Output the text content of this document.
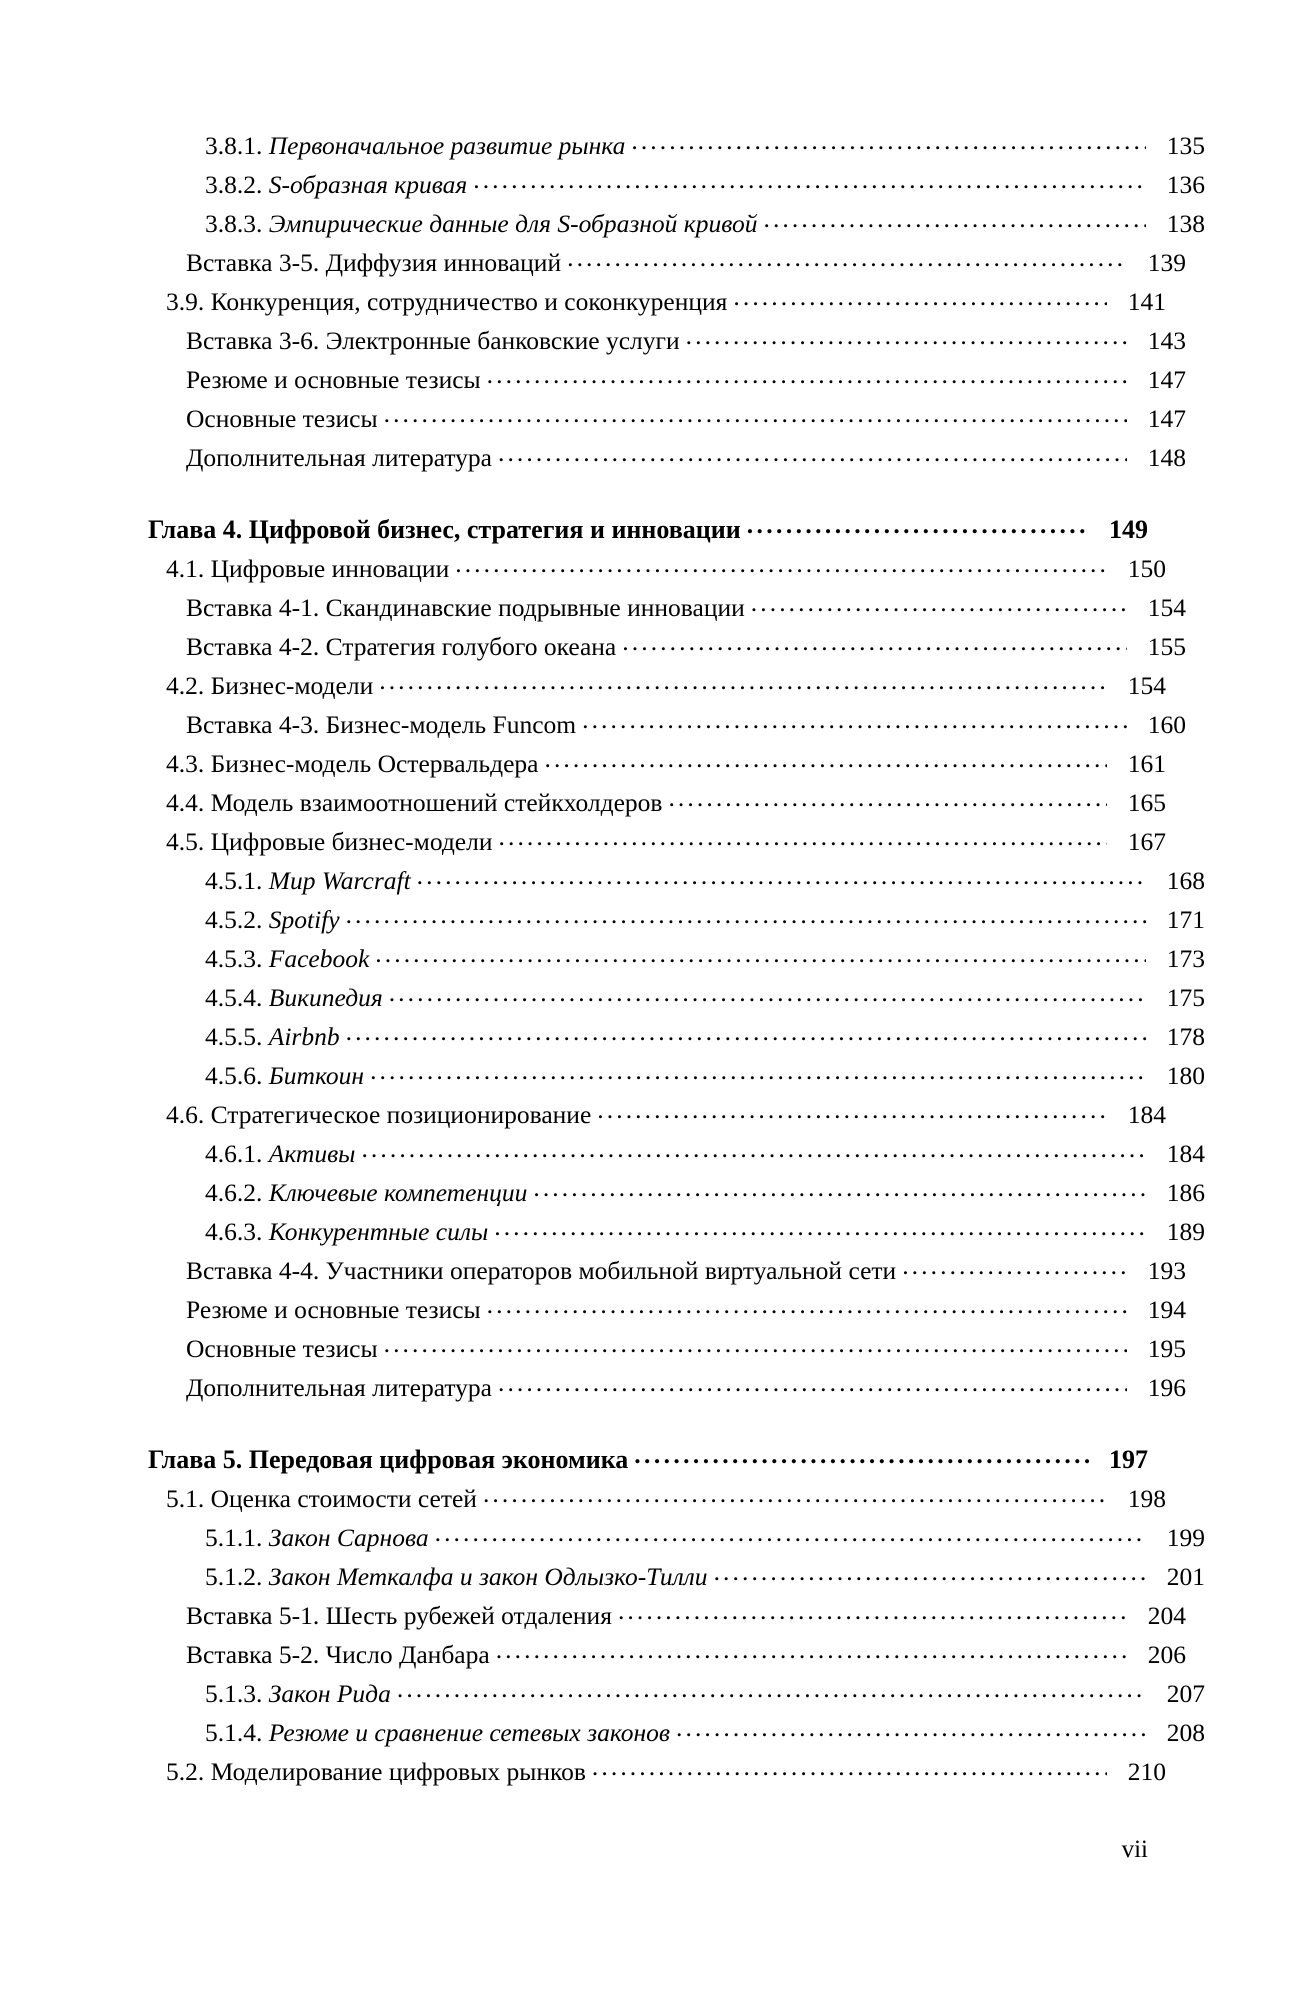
3.8.1. Первоначальное развитие рынка .....	135
3.8.2. S-образная кривая .....	136
3.8.3. Эмпирические данные для S-образной кривой .....	138
Вставка 3-5. Диффузия инноваций .....	139
3.9. Конкуренция, сотрудничество и соконкуренция .....	141
Вставка 3-6. Электронные банковские услуги .....	143
Резюме и основные тезисы .....	147
Основные тезисы .....	147
Дополнительная литература .....	148
Глава 4. Цифровой бизнес, стратегия и инновации .....	149
4.1. Цифровые инновации .....	150
Вставка 4-1. Скандинавские подрывные инновации .....	154
Вставка 4-2. Стратегия голубого океана .....	155
4.2. Бизнес-модели .....	154
Вставка 4-3. Бизнес-модель Funcom .....	160
4.3. Бизнес-модель Остервальдера .....	161
4.4. Модель взаимоотношений стейкхолдеров .....	165
4.5. Цифровые бизнес-модели .....	167
4.5.1. Мир Warcraft .....	168
4.5.2. Spotify .....	171
4.5.3. Facebook .....	173
4.5.4. Википедия .....	175
4.5.5. Airbnb .....	178
4.5.6. Биткоин .....	180
4.6. Стратегическое позиционирование .....	184
4.6.1. Активы .....	184
4.6.2. Ключевые компетенции .....	186
4.6.3. Конкурентные силы .....	189
Вставка 4-4. Участники операторов мобильной виртуальной сети .....	193
Резюме и основные тезисы .....	194
Основные тезисы .....	195
Дополнительная литература .....	196
Глава 5. Передовая цифровая экономика .....	197
5.1. Оценка стоимости сетей .....	198
5.1.1. Закон Сарнова .....	199
5.1.2. Закон Меткалфа и закон Одлызко-Тилли .....	201
Вставка 5-1. Шесть рубежей отдаления .....	204
Вставка 5-2. Число Данбара .....	206
5.1.3. Закон Рида .....	207
5.1.4. Резюме и сравнение сетевых законов .....	208
5.2. Моделирование цифровых рынков .....	210
vii
